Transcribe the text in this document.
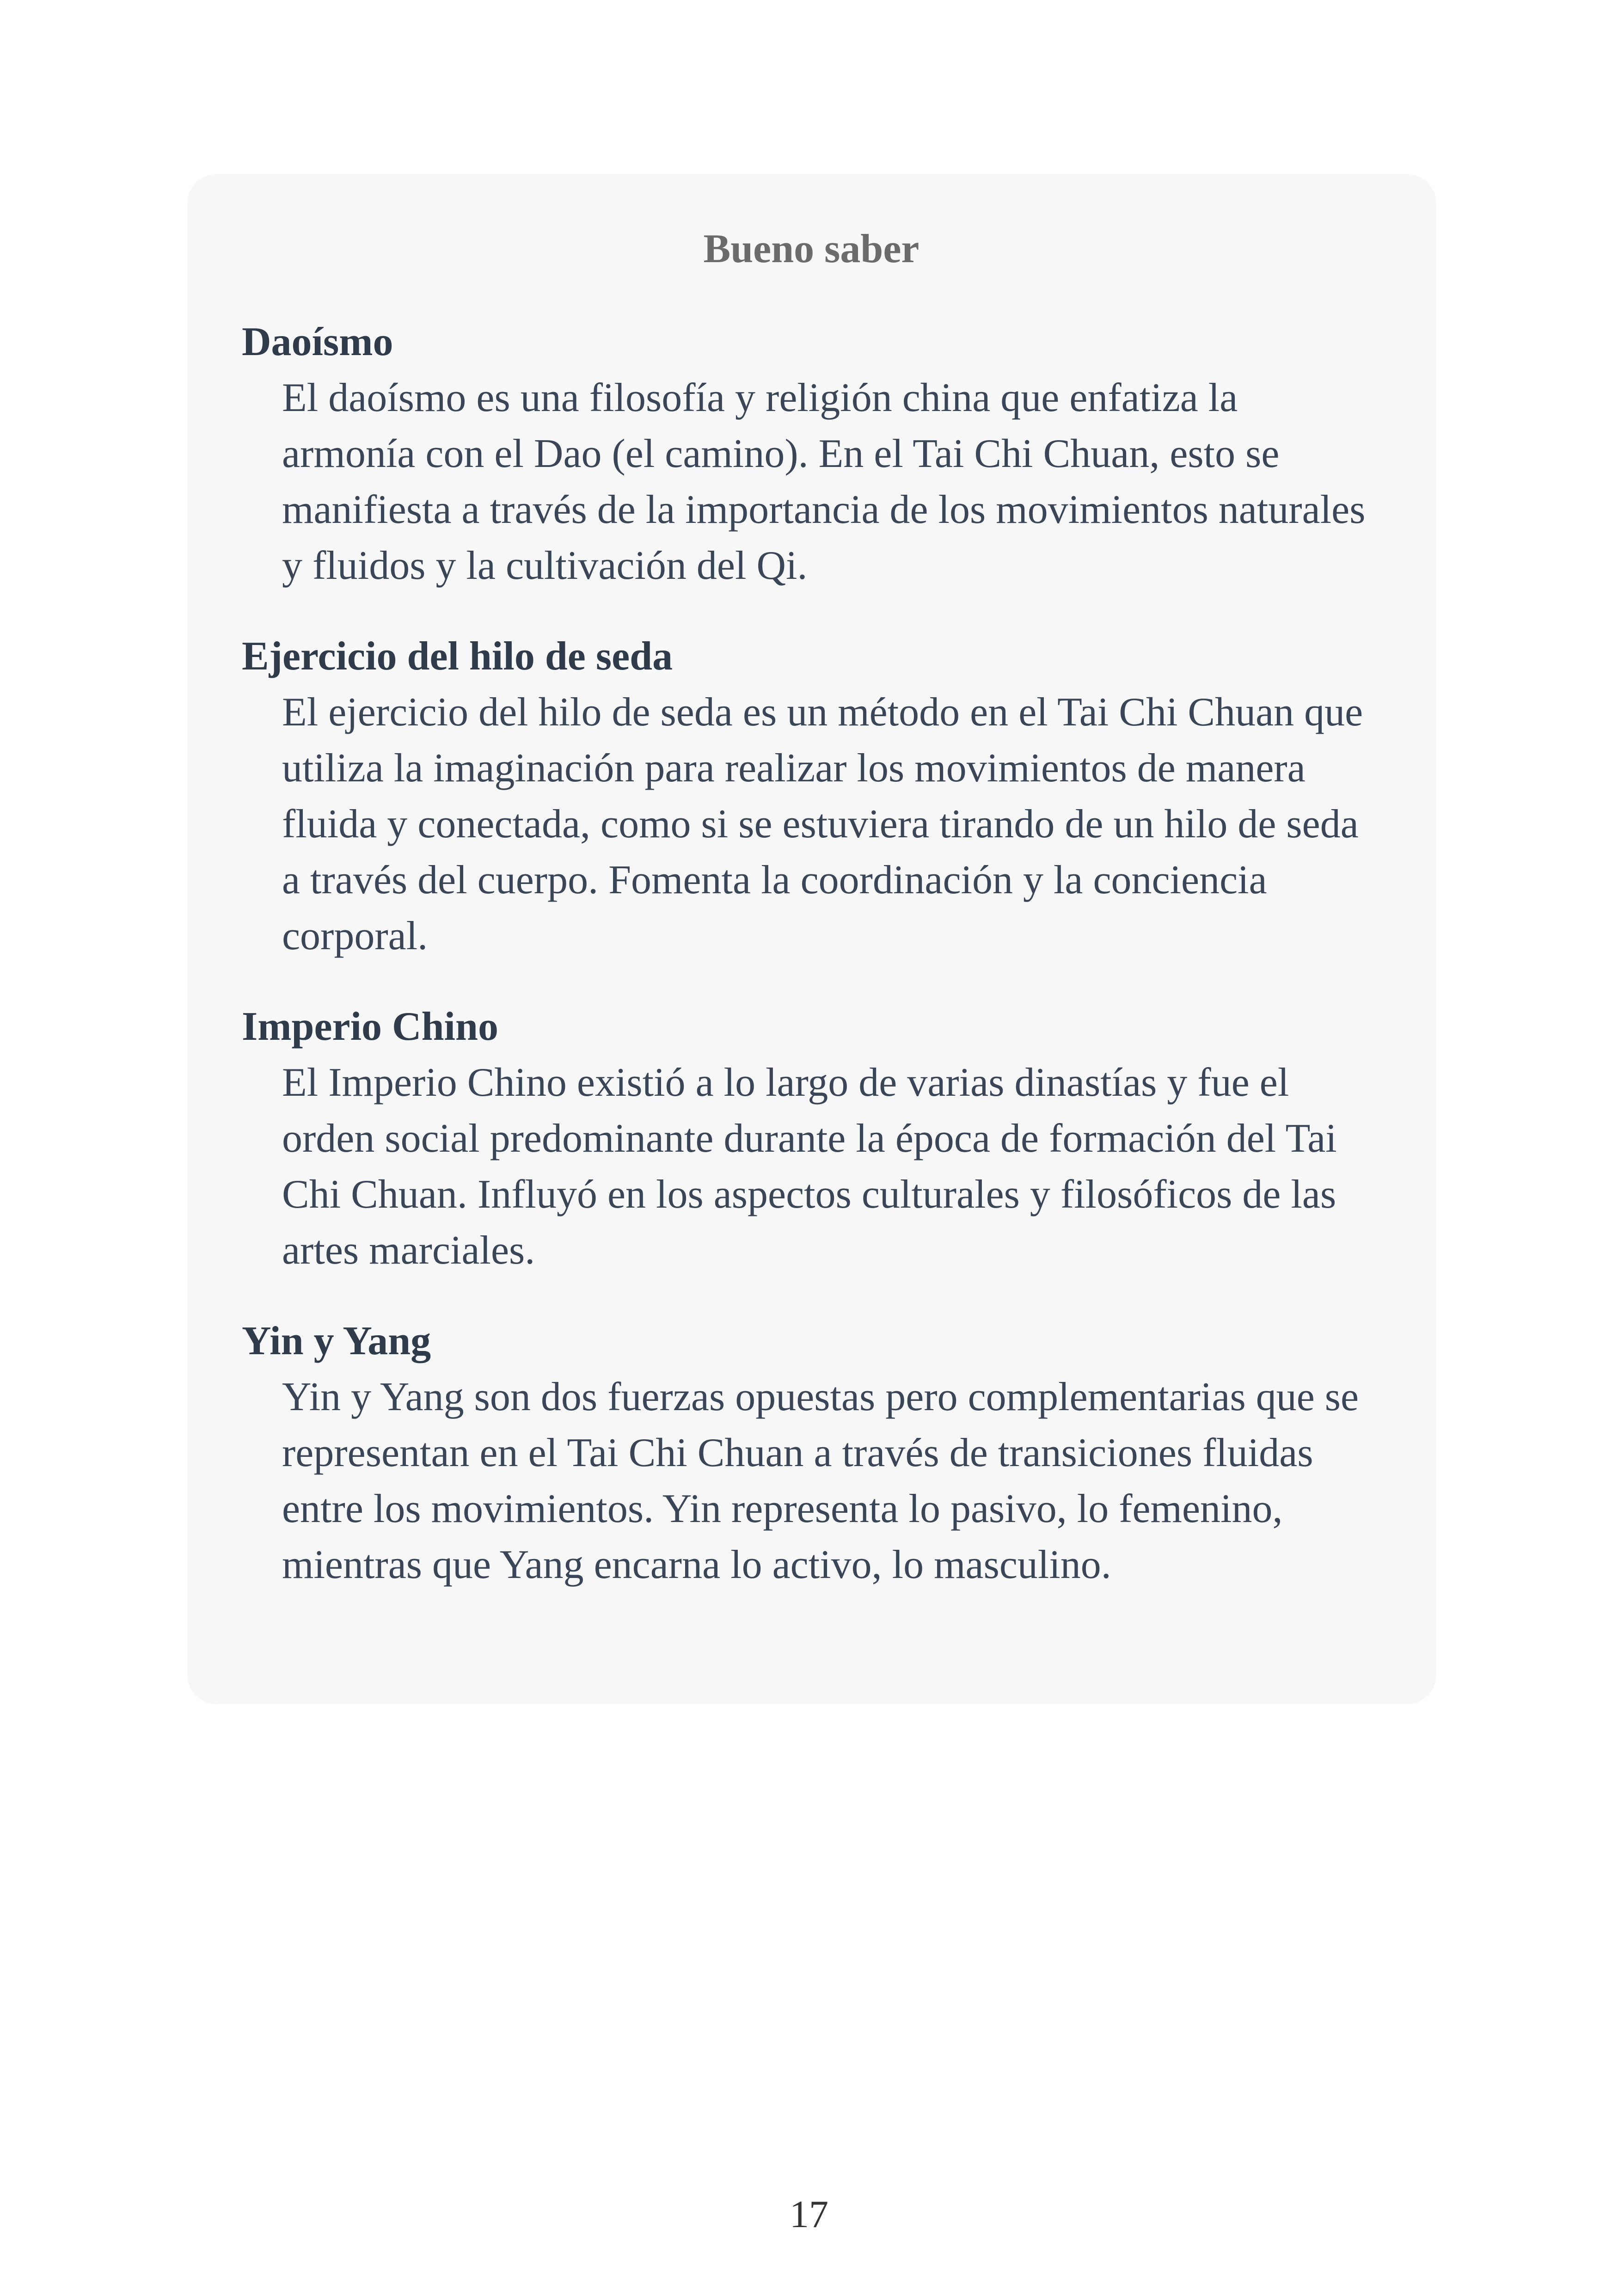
Bueno saber
Daoísmo
El daoísmo es una filosofía y religión china que enfatiza la armonía con el Dao (el camino). En el Tai Chi Chuan, esto se manifiesta a través de la importancia de los movimientos naturales y fluidos y la cultivación del Qi.
Ejercicio del hilo de seda
El ejercicio del hilo de seda es un método en el Tai Chi Chuan que utiliza la imaginación para realizar los movimientos de manera fluida y conectada, como si se estuviera tirando de un hilo de seda a través del cuerpo. Fomenta la coordinación y la conciencia corporal.
Imperio Chino
El Imperio Chino existió a lo largo de varias dinastías y fue el orden social predominante durante la época de formación del Tai Chi Chuan. Influyó en los aspectos culturales y filosóficos de las artes marciales.
Yin y Yang
Yin y Yang son dos fuerzas opuestas pero complementarias que se representan en el Tai Chi Chuan a través de transiciones fluidas entre los movimientos. Yin representa lo pasivo, lo femenino, mientras que Yang encarna lo activo, lo masculino.
17
